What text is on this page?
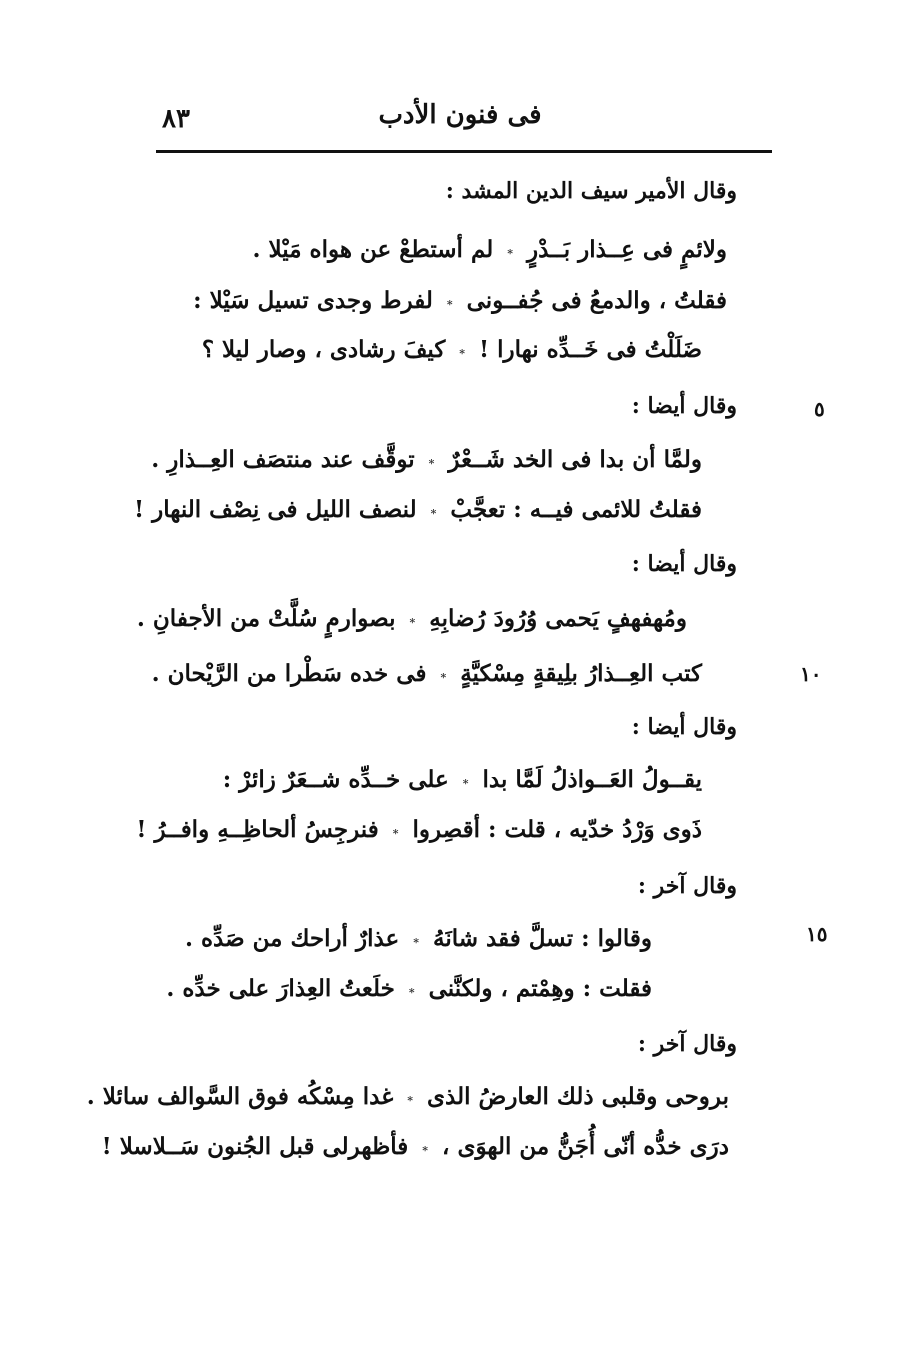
فى فنون الأدب
٨٣
وقال الأمير سيف الدين المشد :
ولائمٍ فى عِــذار بَــدْرٍ
*
لم أستطعْ عن هواه مَيْلا .
فقلتُ ، والدمعُ فى جُفــونى
*
لفرط وجدى تسيل سَيْلا :
ضَلَلْتُ فى خَــدِّه نهارا !
*
كيفَ رشادى ، وصار ليلا ؟
وقال أيضا :	٥
ولمَّا أن بدا فى الخد شَــعْرٌ
*
توقَّف عند منتصَف العِــذارِ .
فقلتُ للائمى فيــه : تعجَّبْ
*
لنصف الليل فى نِصْف النهار !
وقال أيضا :
ومُهفهفٍ يَحمى وُرُودَ رُضابِهِ
*
بصوارمٍ سُلَّتْ من الأجفانِ .
١٠
كتب العِــذارُ بلِيقةٍ مِسْكيَّةٍ
*
فى خده سَطْرا من الرَّيْحان .
وقال أيضا :
يقــولُ العَــواذلُ لَمَّا بدا
*
على خــدِّه شــعَرٌ زائرْ :
ذَوى وَرْدُ خدّيه ، قلت : أقصِروا
*
فنرجِسُ ألحاظِــهِ وافــرُ !
وقال آخر :
١٥
وقالوا : تسلَّ فقد شانَهُ
*
عذارٌ أراحك من صَدِّه .
فقلت : وهِمْتم ، ولكنَّنى
*
خلَعتُ العِذارَ على خدِّه .
وقال آخر :
بروحى وقلبى ذلك العارضُ الذى
*
غدا مِسْكُه فوق السَّوالف سائلا .
درَى خدُّه أنّى أُجَنُّ من الهوَى ،
*
فأظهرلى قبل الجُنون سَــلاسلا !
